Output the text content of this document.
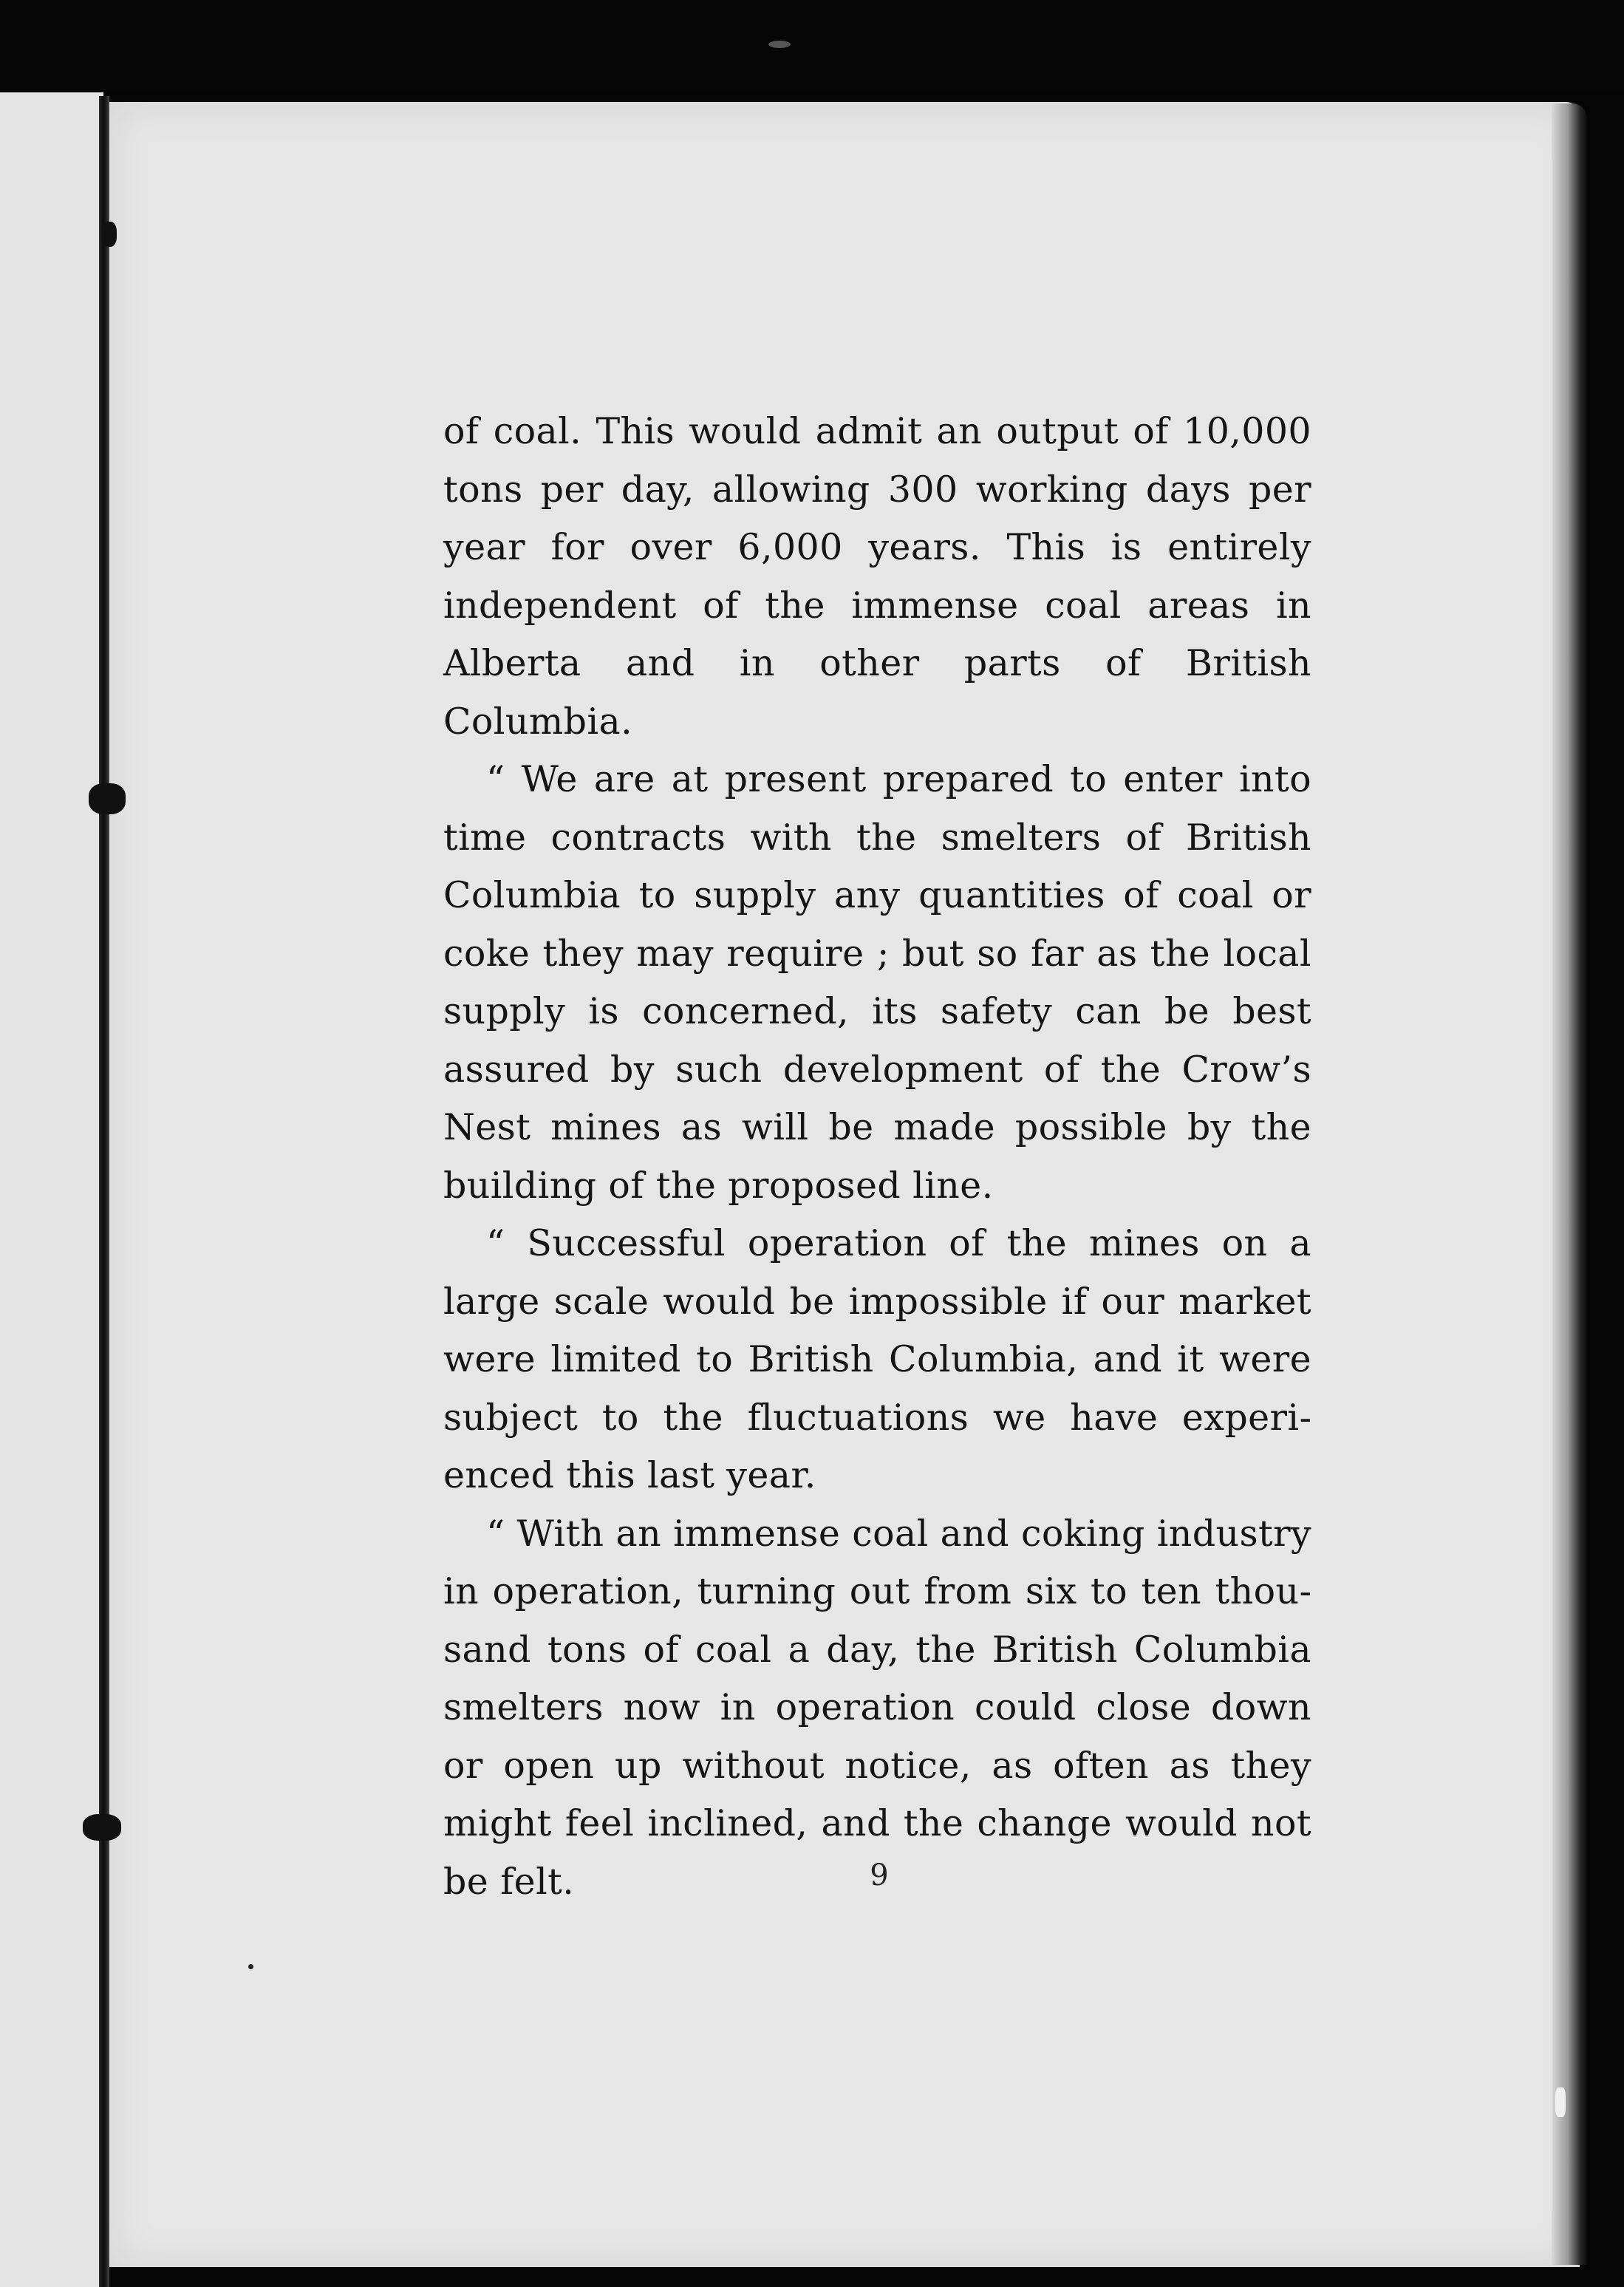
of coal. This would admit an output of 10,000 tons per day, allowing 300 working days per year for over 6,000 years. This is entirely independent of the immense coal areas in Alberta and in other parts of British Columbia.

“ We are at present prepared to enter into time contracts with the smelters of British Columbia to supply any quantities of coal or coke they may require ; but so far as the local supply is concerned, its safety can be best assured by such development of the Crow’s Nest mines as will be made possible by the building of the proposed line.

“ Successful operation of the mines on a large scale would be impossible if our market were limited to British Columbia, and it were subject to the fluctuations we have experienced this last year.

“ With an immense coal and coking industry in operation, turning out from six to ten thousand tons of coal a day, the British Columbia smelters now in operation could close down or open up without notice, as often as they might feel inclined, and the change would not be felt.	9
